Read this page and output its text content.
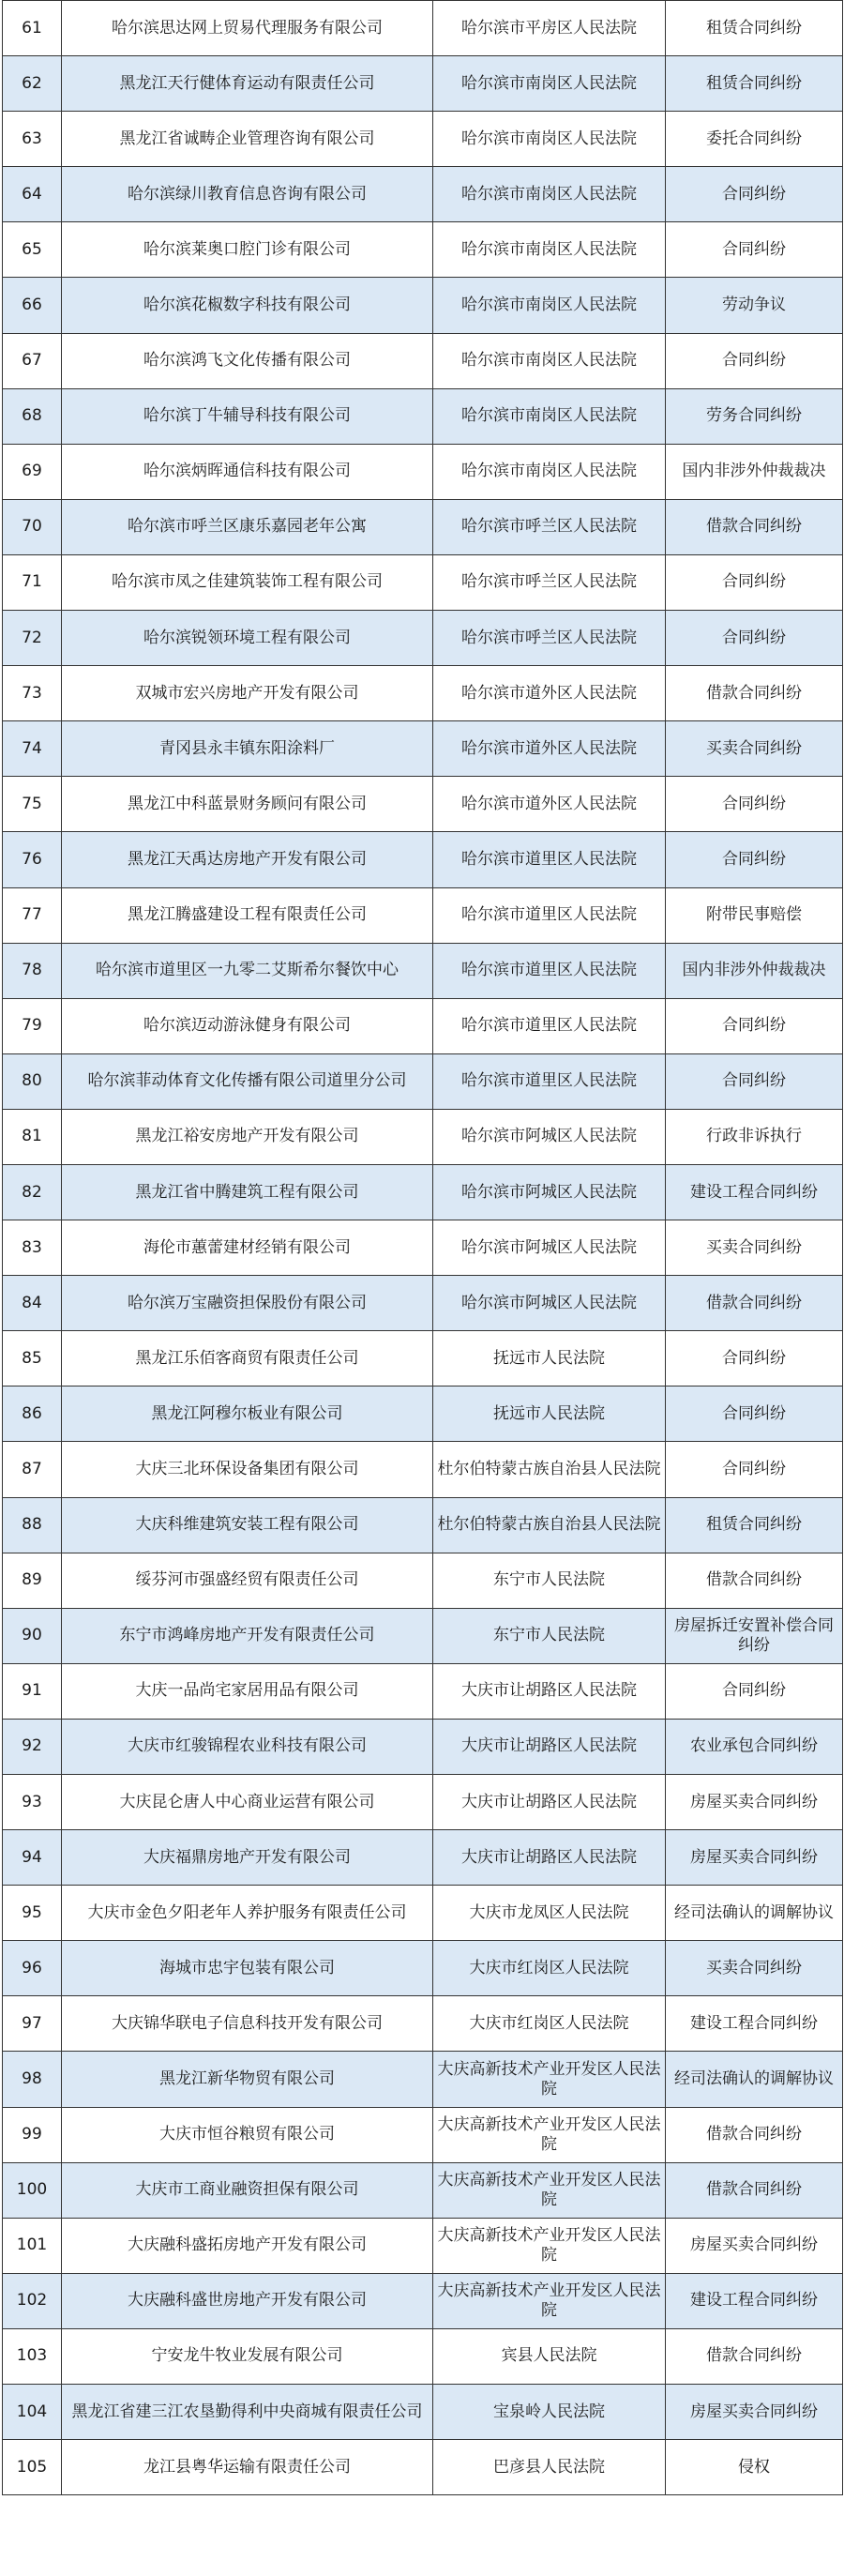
61	哈尔滨思达网上贸易代理服务有限公司	哈尔滨市平房区人民法院	租赁合同纠纷
62	黑龙江天行健体育运动有限责任公司	哈尔滨市南岗区人民法院	租赁合同纠纷
63	黑龙江省诚畴企业管理咨询有限公司	哈尔滨市南岗区人民法院	委托合同纠纷
64	哈尔滨绿川教育信息咨询有限公司	哈尔滨市南岗区人民法院	合同纠纷
65	哈尔滨莱奥口腔门诊有限公司	哈尔滨市南岗区人民法院	合同纠纷
66	哈尔滨花椒数字科技有限公司	哈尔滨市南岗区人民法院	劳动争议
67	哈尔滨鸿飞文化传播有限公司	哈尔滨市南岗区人民法院	合同纠纷
68	哈尔滨丁牛辅导科技有限公司	哈尔滨市南岗区人民法院	劳务合同纠纷
69	哈尔滨炳晖通信科技有限公司	哈尔滨市南岗区人民法院	国内非涉外仲裁裁决
70	哈尔滨市呼兰区康乐嘉园老年公寓	哈尔滨市呼兰区人民法院	借款合同纠纷
71	哈尔滨市凤之佳建筑装饰工程有限公司	哈尔滨市呼兰区人民法院	合同纠纷
72	哈尔滨锐领环境工程有限公司	哈尔滨市呼兰区人民法院	合同纠纷
73	双城市宏兴房地产开发有限公司	哈尔滨市道外区人民法院	借款合同纠纷
74	青冈县永丰镇东阳涂料厂	哈尔滨市道外区人民法院	买卖合同纠纷
75	黑龙江中科蓝景财务顾问有限公司	哈尔滨市道外区人民法院	合同纠纷
76	黑龙江天禹达房地产开发有限公司	哈尔滨市道里区人民法院	合同纠纷
77	黑龙江腾盛建设工程有限责任公司	哈尔滨市道里区人民法院	附带民事赔偿
78	哈尔滨市道里区一九零二艾斯希尔餐饮中心	哈尔滨市道里区人民法院	国内非涉外仲裁裁决
79	哈尔滨迈动游泳健身有限公司	哈尔滨市道里区人民法院	合同纠纷
80	哈尔滨菲动体育文化传播有限公司道里分公司	哈尔滨市道里区人民法院	合同纠纷
81	黑龙江裕安房地产开发有限公司	哈尔滨市阿城区人民法院	行政非诉执行
82	黑龙江省中腾建筑工程有限公司	哈尔滨市阿城区人民法院	建设工程合同纠纷
83	海伦市蕙蕾建材经销有限公司	哈尔滨市阿城区人民法院	买卖合同纠纷
84	哈尔滨万宝融资担保股份有限公司	哈尔滨市阿城区人民法院	借款合同纠纷
85	黑龙江乐佰客商贸有限责任公司	抚远市人民法院	合同纠纷
86	黑龙江阿穆尔板业有限公司	抚远市人民法院	合同纠纷
87	大庆三北环保设备集团有限公司	杜尔伯特蒙古族自治县人民法院	合同纠纷
88	大庆科维建筑安装工程有限公司	杜尔伯特蒙古族自治县人民法院	租赁合同纠纷
89	绥芬河市强盛经贸有限责任公司	东宁市人民法院	借款合同纠纷
90	东宁市鸿峰房地产开发有限责任公司	东宁市人民法院	房屋拆迁安置补偿合同纠纷
91	大庆一品尚宅家居用品有限公司	大庆市让胡路区人民法院	合同纠纷
92	大庆市红骏锦程农业科技有限公司	大庆市让胡路区人民法院	农业承包合同纠纷
93	大庆昆仑唐人中心商业运营有限公司	大庆市让胡路区人民法院	房屋买卖合同纠纷
94	大庆福鼎房地产开发有限公司	大庆市让胡路区人民法院	房屋买卖合同纠纷
95	大庆市金色夕阳老年人养护服务有限责任公司	大庆市龙凤区人民法院	经司法确认的调解协议
96	海城市忠宇包装有限公司	大庆市红岗区人民法院	买卖合同纠纷
97	大庆锦华联电子信息科技开发有限公司	大庆市红岗区人民法院	建设工程合同纠纷
98	黑龙江新华物贸有限公司	大庆高新技术产业开发区人民法院	经司法确认的调解协议
99	大庆市恒谷粮贸有限公司	大庆高新技术产业开发区人民法院	借款合同纠纷
100	大庆市工商业融资担保有限公司	大庆高新技术产业开发区人民法院	借款合同纠纷
101	大庆融科盛拓房地产开发有限公司	大庆高新技术产业开发区人民法院	房屋买卖合同纠纷
102	大庆融科盛世房地产开发有限公司	大庆高新技术产业开发区人民法院	建设工程合同纠纷
103	宁安龙牛牧业发展有限公司	宾县人民法院	借款合同纠纷
104	黑龙江省建三江农垦勤得利中央商城有限责任公司	宝泉岭人民法院	房屋买卖合同纠纷
105	龙江县粤华运输有限责任公司	巴彦县人民法院	侵权
